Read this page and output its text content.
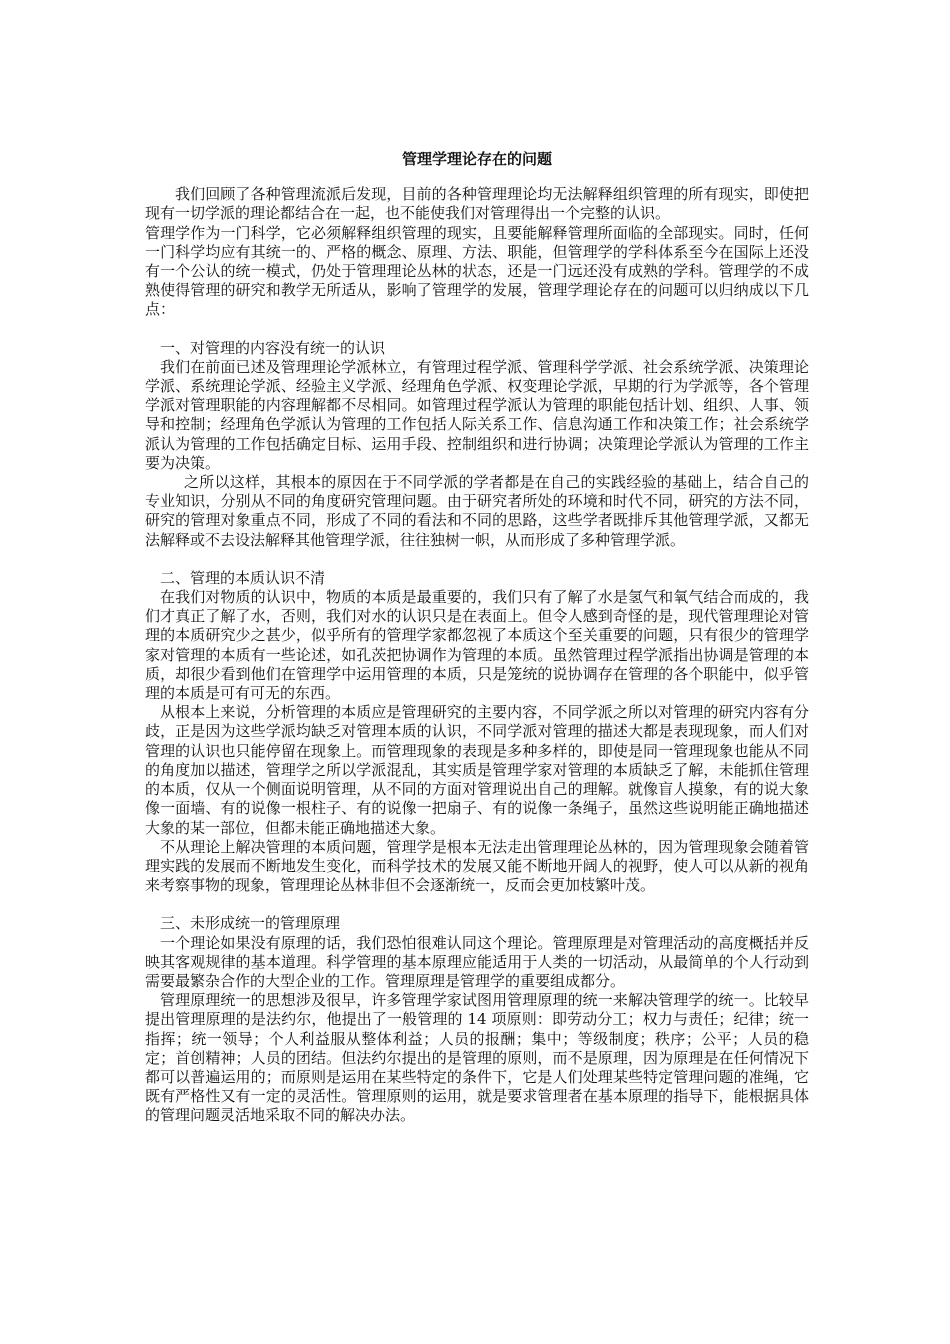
管理学理论存在的问题

我们回顾了各种管理流派后发现，目前的各种管理理论均无法解释组织管理的所有现实，即使把现有一切学派的理论都结合在一起，也不能使我们对管理得出一个完整的认识。

管理学作为一门科学，它必须解释组织管理的现实，且要能解释管理所面临的全部现实。同时，任何一门科学均应有其统一的、严格的概念、原理、方法、职能，但管理学的学科体系至今在国际上还没有一个公认的统一模式，仍处于管理理论丛林的状态，还是一门远还没有成熟的学科。管理学的不成熟使得管理的研究和教学无所适从，影响了管理学的发展，管理学理论存在的问题可以归纳成以下几点：

一、对管理的内容没有统一的认识

我们在前面已述及管理理论学派林立，有管理过程学派、管理科学学派、社会系统学派、决策理论学派、系统理论学派、经验主义学派、经理角色学派、权变理论学派，早期的行为学派等，各个管理学派对管理职能的内容理解都不尽相同。如管理过程学派认为管理的职能包括计划、组织、人事、领导和控制；经理角色学派认为管理的工作包括人际关系工作、信息沟通工作和决策工作；社会系统学派认为管理的工作包括确定目标、运用手段、控制组织和进行协调；决策理论学派认为管理的工作主要为决策。

之所以这样，其根本的原因在于不同学派的学者都是在自己的实践经验的基础上，结合自己的专业知识，分别从不同的角度研究管理问题。由于研究者所处的环境和时代不同，研究的方法不同，研究的管理对象重点不同，形成了不同的看法和不同的思路，这些学者既排斥其他管理学派，又都无法解释或不去设法解释其他管理学派，往往独树一帜，从而形成了多种管理学派。

二、管理的本质认识不清

在我们对物质的认识中，物质的本质是最重要的，我们只有了解了水是氢气和氧气结合而成的，我们才真正了解了水，否则，我们对水的认识只是在表面上。但令人感到奇怪的是，现代管理理论对管理的本质研究少之甚少，似乎所有的管理学家都忽视了本质这个至关重要的问题，只有很少的管理学家对管理的本质有一些论述，如孔茨把协调作为管理的本质。虽然管理过程学派指出协调是管理的本质，却很少看到他们在管理学中运用管理的本质，只是笼统的说协调存在管理的各个职能中，似乎管理的本质是可有可无的东西。

从根本上来说，分析管理的本质应是管理研究的主要内容，不同学派之所以对管理的研究内容有分歧，正是因为这些学派均缺乏对管理本质的认识，不同学派对管理的描述大都是表现现象，而人们对管理的认识也只能停留在现象上。而管理现象的表现是多种多样的，即使是同一管理现象也能从不同的角度加以描述，管理学之所以学派混乱，其实质是管理学家对管理的本质缺乏了解，未能抓住管理的本质，仅从一个侧面说明管理，从不同的方面对管理说出自己的理解。就像盲人摸象，有的说大象像一面墙、有的说像一根柱子、有的说像一把扇子、有的说像一条绳子，虽然这些说明能正确地描述大象的某一部位，但都未能正确地描述大象。

不从理论上解决管理的本质问题，管理学是根本无法走出管理理论丛林的，因为管理现象会随着管理实践的发展而不断地发生变化，而科学技术的发展又能不断地开阔人的视野，使人可以从新的视角来考察事物的现象，管理理论丛林非但不会逐渐统一，反而会更加枝繁叶茂。

三、未形成统一的管理原理

一个理论如果没有原理的话，我们恐怕很难认同这个理论。管理原理是对管理活动的高度概括并反映其客观规律的基本道理。科学管理的基本原理应能适用于人类的一切活动，从最简单的个人行动到需要最繁杂合作的大型企业的工作。管理原理是管理学的重要组成都分。

管理原理统一的思想涉及很早，许多管理学家试图用管理原理的统一来解决管理学的统一。比较早提出管理原理的是法约尔，他提出了一般管理的 14 项原则：即劳动分工；权力与责任；纪律；统一指挥；统一领导；个人利益服从整体利益；人员的报酬；集中；等级制度；秩序；公平；人员的稳定；首创精神；人员的团结。但法约尔提出的是管理的原则，而不是原理，因为原理是在任何情况下都可以普遍运用的；而原则是运用在某些特定的条件下，它是人们处理某些特定管理问题的准绳，它既有严格性又有一定的灵活性。管理原则的运用，就是要求管理者在基本原理的指导下，能根据具体的管理问题灵活地采取不同的解决办法。
